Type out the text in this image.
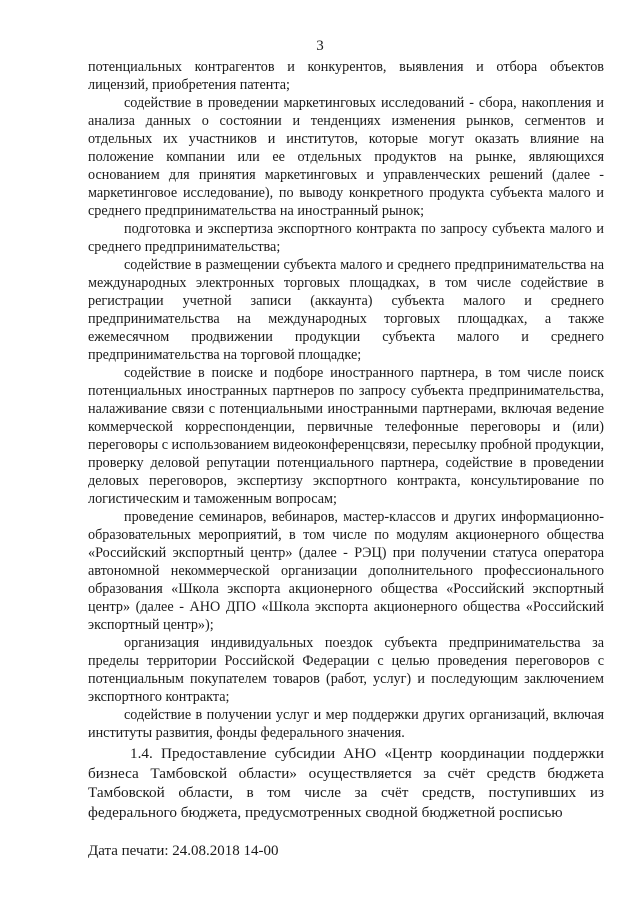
3

потенциальных контрагентов и конкурентов, выявления и отбора объектов лицензий, приобретения патента;

содействие в проведении маркетинговых исследований - сбора, накопления и анализа данных о состоянии и тенденциях изменения рынков, сегментов и отдельных их участников и институтов, которые могут оказать влияние на положение компании или ее отдельных продуктов на рынке, являющихся основанием для принятия маркетинговых и управленческих решений (далее - маркетинговое исследование), по выводу конкретного продукта субъекта малого и среднего предпринимательства на иностранный рынок;

подготовка и экспертиза экспортного контракта по запросу субъекта малого и среднего предпринимательства;

содействие в размещении субъекта малого и среднего предпринимательства на международных электронных торговых площадках, в том числе содействие в регистрации учетной записи (аккаунта) субъекта малого и среднего предпринимательства на международных торговых площадках, а также ежемесячном продвижении продукции субъекта малого и среднего предпринимательства на торговой площадке;

содействие в поиске и подборе иностранного партнера, в том числе поиск потенциальных иностранных партнеров по запросу субъекта предпринимательства, налаживание связи с потенциальными иностранными партнерами, включая ведение коммерческой корреспонденции, первичные телефонные переговоры и (или) переговоры с использованием видеоконференцсвязи, пересылку пробной продукции, проверку деловой репутации потенциального партнера, содействие в проведении деловых переговоров, экспертизу экспортного контракта, консультирование по логистическим и таможенным вопросам;

проведение семинаров, вебинаров, мастер-классов и других информационно-образовательных мероприятий, в том числе по модулям акционерного общества «Российский экспортный центр» (далее - РЭЦ) при получении статуса оператора автономной некоммерческой организации дополнительного профессионального образования «Школа экспорта акционерного общества «Российский экспортный центр» (далее - АНО ДПО «Школа экспорта акционерного общества «Российский экспортный центр»);

организация индивидуальных поездок субъекта предпринимательства за пределы территории Российской Федерации с целью проведения переговоров с потенциальным покупателем товаров (работ, услуг) и последующим заключением экспортного контракта;

содействие в получении услуг и мер поддержки других организаций, включая институты развития, фонды федерального значения.

1.4. Предоставление субсидии АНО «Центр координации поддержки бизнеса Тамбовской области» осуществляется за счёт средств бюджета Тамбовской области, в том числе за счёт средств, поступивших из федерального бюджета, предусмотренных сводной бюджетной росписью

Дата печати: 24.08.2018 14-00
